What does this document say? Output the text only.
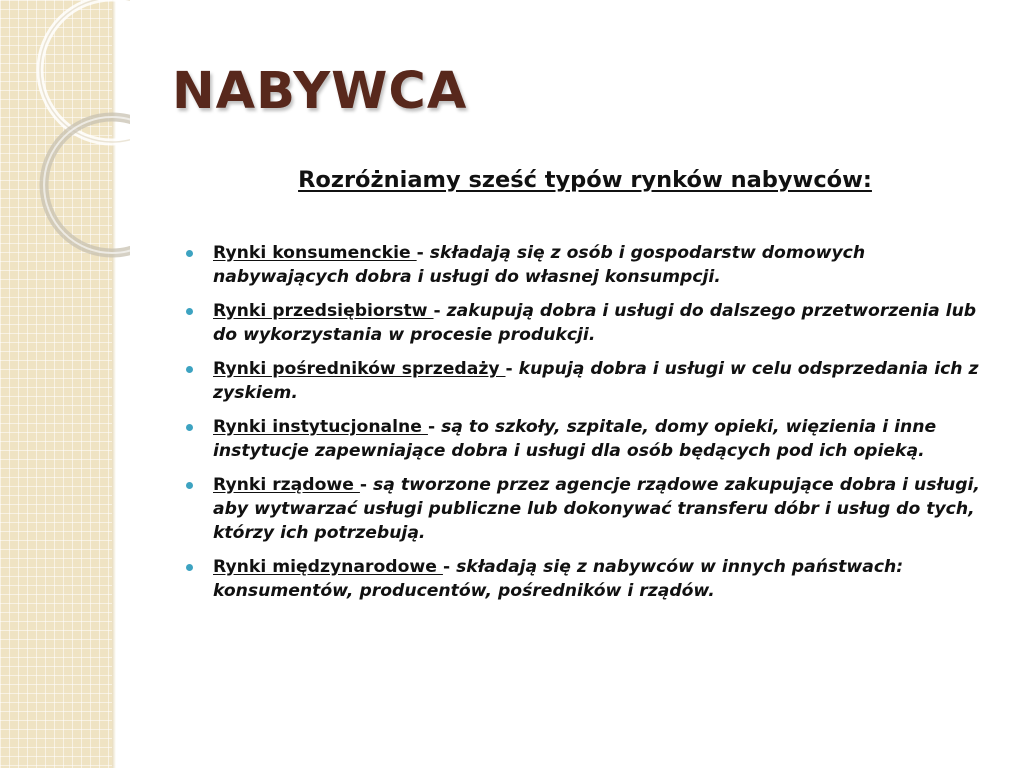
NABYWCA
Rozróżniamy sześć typów rynków nabywców:
Rynki konsumenckie - składają się z osób i gospodarstw domowych nabywających dobra i usługi do własnej konsumpcji.
Rynki przedsiębiorstw - zakupują dobra i usługi do dalszego przetworzenia lub do wykorzystania w procesie produkcji.
Rynki pośredników sprzedaży - kupują dobra i usługi w celu odsprzedania ich z zyskiem.
Rynki instytucjonalne - są to szkoły, szpitale, domy opieki, więzienia i inne instytucje zapewniające dobra i usługi dla osób będących pod ich opieką.
Rynki rządowe - są tworzone przez agencje rządowe zakupujące dobra i usługi, aby wytwarzać usługi publiczne lub dokonywać transferu dóbr i usług do tych, którzy ich potrzebują.
Rynki międzynarodowe - składają się z nabywców w innych państwach: konsumentów, producentów, pośredników i rządów.
